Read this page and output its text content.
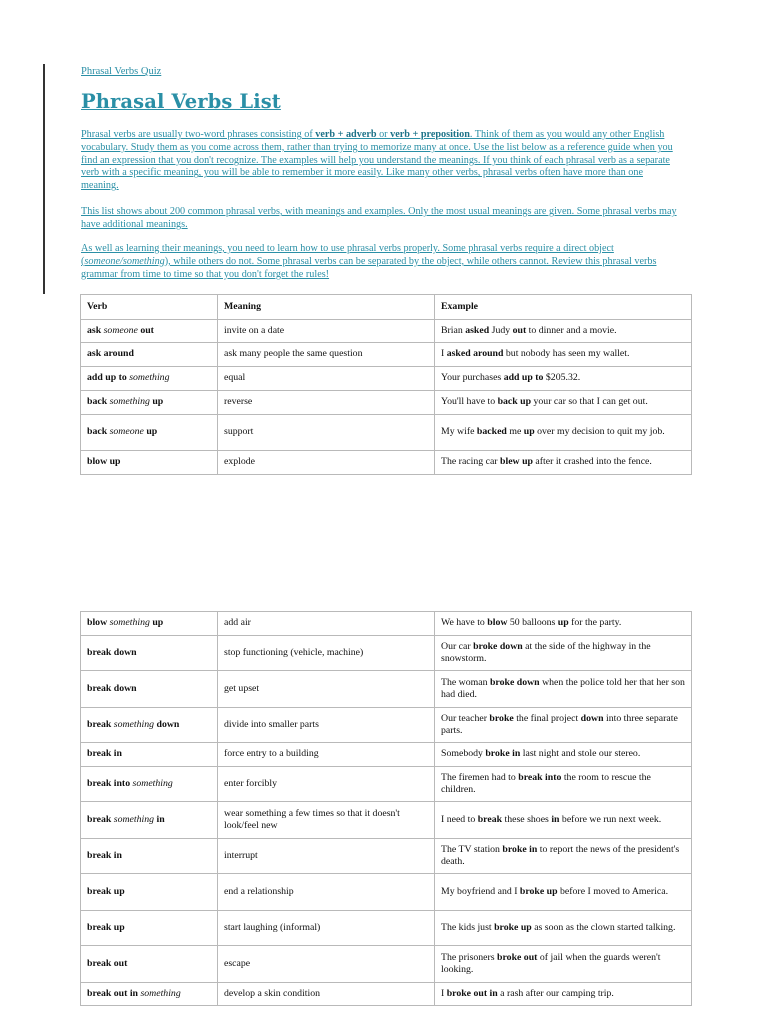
Phrasal Verbs Quiz
Phrasal Verbs List

Phrasal verbs are usually two-word phrases consisting of verb + adverb or verb + preposition. Think of them as you would any other English vocabulary. Study them as you come across them, rather than trying to memorize many at once. Use the list below as a reference guide when you find an expression that you don't recognize. The examples will help you understand the meanings. If you think of each phrasal verb as a separate verb with a specific meaning, you will be able to remember it more easily. Like many other verbs, phrasal verbs often have more than one meaning.

This list shows about 200 common phrasal verbs, with meanings and examples. Only the most usual meanings are given. Some phrasal verbs may have additional meanings.

As well as learning their meanings, you need to learn how to use phrasal verbs properly. Some phrasal verbs require a direct object (someone/something), while others do not. Some phrasal verbs can be separated by the object, while others cannot. Review this phrasal verbs grammar from time to time so that you don't forget the rules!

Verb	Meaning	Example
ask someone out	invite on a date	Brian asked Judy out to dinner and a movie.
ask around	ask many people the same question	I asked around but nobody has seen my wallet.
add up to something	equal	Your purchases add up to $205.32.
back something up	reverse	You'll have to back up your car so that I can get out.
back someone up	support	My wife backed me up over my decision to quit my job.
blow up	explode	The racing car blew up after it crashed into the fence.
blow something up	add air	We have to blow 50 balloons up for the party.
break down	stop functioning (vehicle, machine)	Our car broke down at the side of the highway in the snowstorm.
break down	get upset	The woman broke down when the police told her that her son had died.
break something down	divide into smaller parts	Our teacher broke the final project down into three separate parts.
break in	force entry to a building	Somebody broke in last night and stole our stereo.
break into something	enter forcibly	The firemen had to break into the room to rescue the children.
break something in	wear something a few times so that it doesn't look/feel new	I need to break these shoes in before we run next week.
break in	interrupt	The TV station broke in to report the news of the president's death.
break up	end a relationship	My boyfriend and I broke up before I moved to America.
break up	start laughing (informal)	The kids just broke up as soon as the clown started talking.
break out	escape	The prisoners broke out of jail when the guards weren't looking.
break out in something	develop a skin condition	I broke out in a rash after our camping trip.
